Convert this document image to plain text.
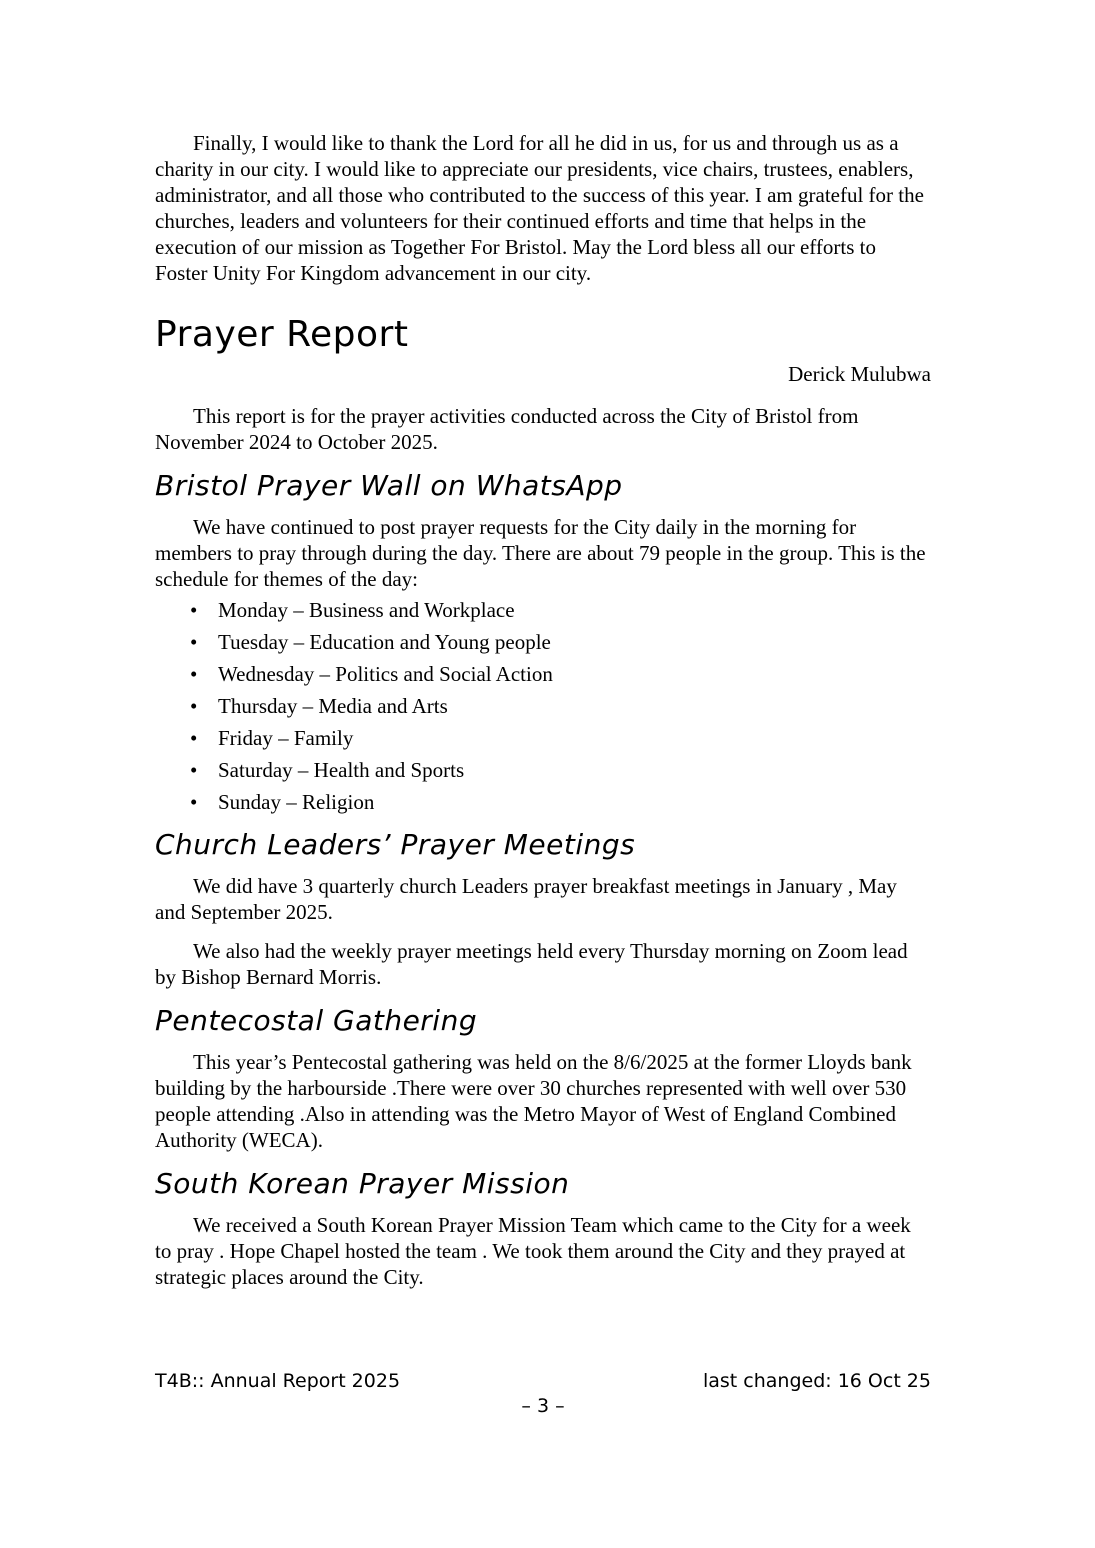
Finally, I would like to thank the Lord for all he did in us, for us and through us as a charity in our city. I would like to appreciate our presidents, vice chairs, trustees, enablers, administrator, and all those who contributed to the success of this year. I am grateful for the churches, leaders and volunteers for their continued efforts and time that helps in the execution of our mission as Together For Bristol. May the Lord bless all our efforts to Foster Unity For Kingdom advancement in our city.

Prayer Report

Derick Mulubwa

This report is for the prayer activities conducted across the City of Bristol from November 2024 to October 2025.

Bristol Prayer Wall on WhatsApp

We have continued to post prayer requests for the City daily in the morning for members to pray through during the day. There are about 79 people in the group. This is the schedule for themes of the day:

• Monday – Business and Workplace
• Tuesday – Education and Young people
• Wednesday – Politics and Social Action
• Thursday – Media and Arts
• Friday – Family
• Saturday – Health and Sports
• Sunday – Religion
Church Leaders’ Prayer Meetings

We did have 3 quarterly church Leaders prayer breakfast meetings in January , May and September 2025.

We also had the weekly prayer meetings held every Thursday morning on Zoom lead by Bishop Bernard Morris.

Pentecostal Gathering

This year’s Pentecostal gathering was held on the 8/6/2025 at the former Lloyds bank building by the harbourside .There were over 30 churches represented with well over 530 people attending .Also in attending was the Metro Mayor of West of England Combined Authority (WECA).

South Korean Prayer Mission

We received a South Korean Prayer Mission Team which came to the City for a week to pray . Hope Chapel hosted the team . We took them around the City and they prayed at strategic places around the City.

T4B:: Annual Report 2025	last changed: 16 Oct 25
– 3 –
